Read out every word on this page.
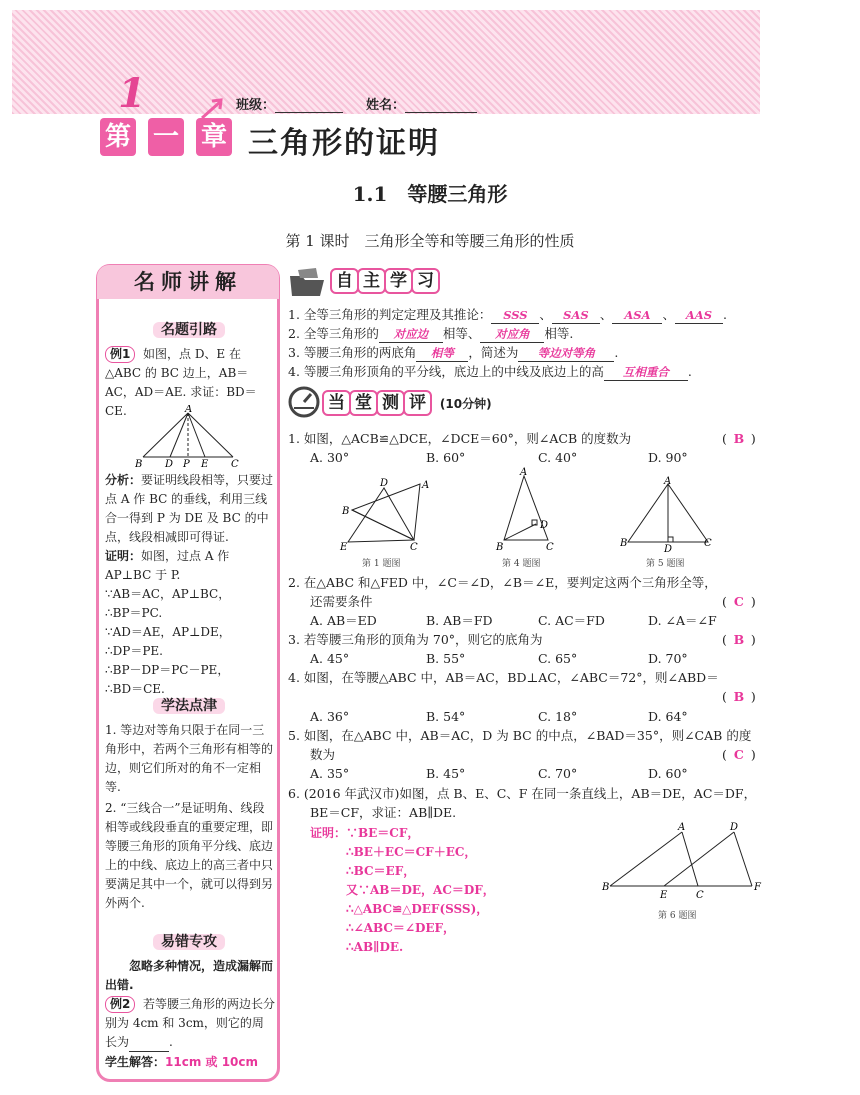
1
第 一 章
班级：	姓名：
三角形的证明
1.1　等腰三角形
第 1 课时　三角形全等和等腰三角形的性质
名师讲解
名题引路
例1 如图，点 D、E 在△ABC 的 BC 边上，AB＝AC，AD＝AE. 求证：BD＝CE.	A
B D P E C
分析：要证明线段相等，只要过点 A 作 BC 的垂线，利用三线合一得到 P 为 DE 及 BC 的中点，线段相减即可得证.
证明：如图，过点 A 作 AP⊥BC 于 P.
∵AB＝AC，AP⊥BC，
∴BP＝PC.
∵AD＝AE，AP⊥DE，
∴DP＝PE.
∴BP－DP＝PC－PE，
∴BD＝CE.
学法点津
1. 等边对等角只限于在同一三角形中，若两个三角形有相等的边，则它们所对的角不一定相等.
2. “三线合一”是证明角、线段相等或线段垂直的重要定理，即等腰三角形的顶角平分线、底边上的中线、底边上的高三者中只要满足其中一个，就可以得到另外两个.
易错专攻
忽略多种情况，造成漏解而出错.
例2 若等腰三角形的两边长分别为 4cm 和 3cm，则它的周长为	.
学生解答：11cm 或 10cm
自 主 学 习
1. 全等三角形的判定定理及其推论： SSS 、 SAS 、 ASA 、 AAS .
2. 全等三角形的 对应边 相等、 对应角 相等.
3. 等腰三角形的两底角 相等 ，简述为 等边对等角 .
4. 等腰三角形顶角的平分线，底边上的中线及底边上的高 互相重合 .
当 堂 测 评 (10分钟)
1. 如图，△ACB≌△DCE，∠DCE＝60°，则∠ACB 的度数为	( B )
A. 30°	B. 60°	C. 40°	D. 90°
D	A
B
E	C
第 1 题图
A
D
B	C
第 4 题图
A
B
D
C
第 5 题图
2. 在△ABC 和△FED 中，∠C＝∠D，∠B＝∠E，要判定这两个三角形全等，
还需要条件	( C )
A. AB＝ED	B. AB＝FD	C. AC＝FD	D. ∠A＝∠F
3. 若等腰三角形的顶角为 70°，则它的底角为	( B )
A. 45°	B. 55°	C. 65°	D. 70°
4. 如图，在等腰△ABC 中，AB＝AC，BD⊥AC，∠ABC＝72°，则∠ABD＝
( B )
A. 36°	B. 54°	C. 18°	D. 64°
5. 如图，在△ABC 中，AB＝AC，D 为 BC 的中点，∠BAD＝35°，则∠CAB 的度
数为	( C )
A. 35°	B. 45°	C. 70°	D. 60°
6. (2016 年武汉市)如图，点 B、E、C、F 在同一条直线上，AB＝DE，AC＝DF，
BE＝CF，求证：AB∥DE.
证明：∵BE＝CF，
∴BE＋EC＝CF＋EC，
∴BC＝EF，
又∵AB＝DE，AC＝DF，
∴△ABC≌△DEF(SSS)，
∴∠ABC＝∠DEF，
∴AB∥DE.
A	D
B
E	C
F
第 6 题图
